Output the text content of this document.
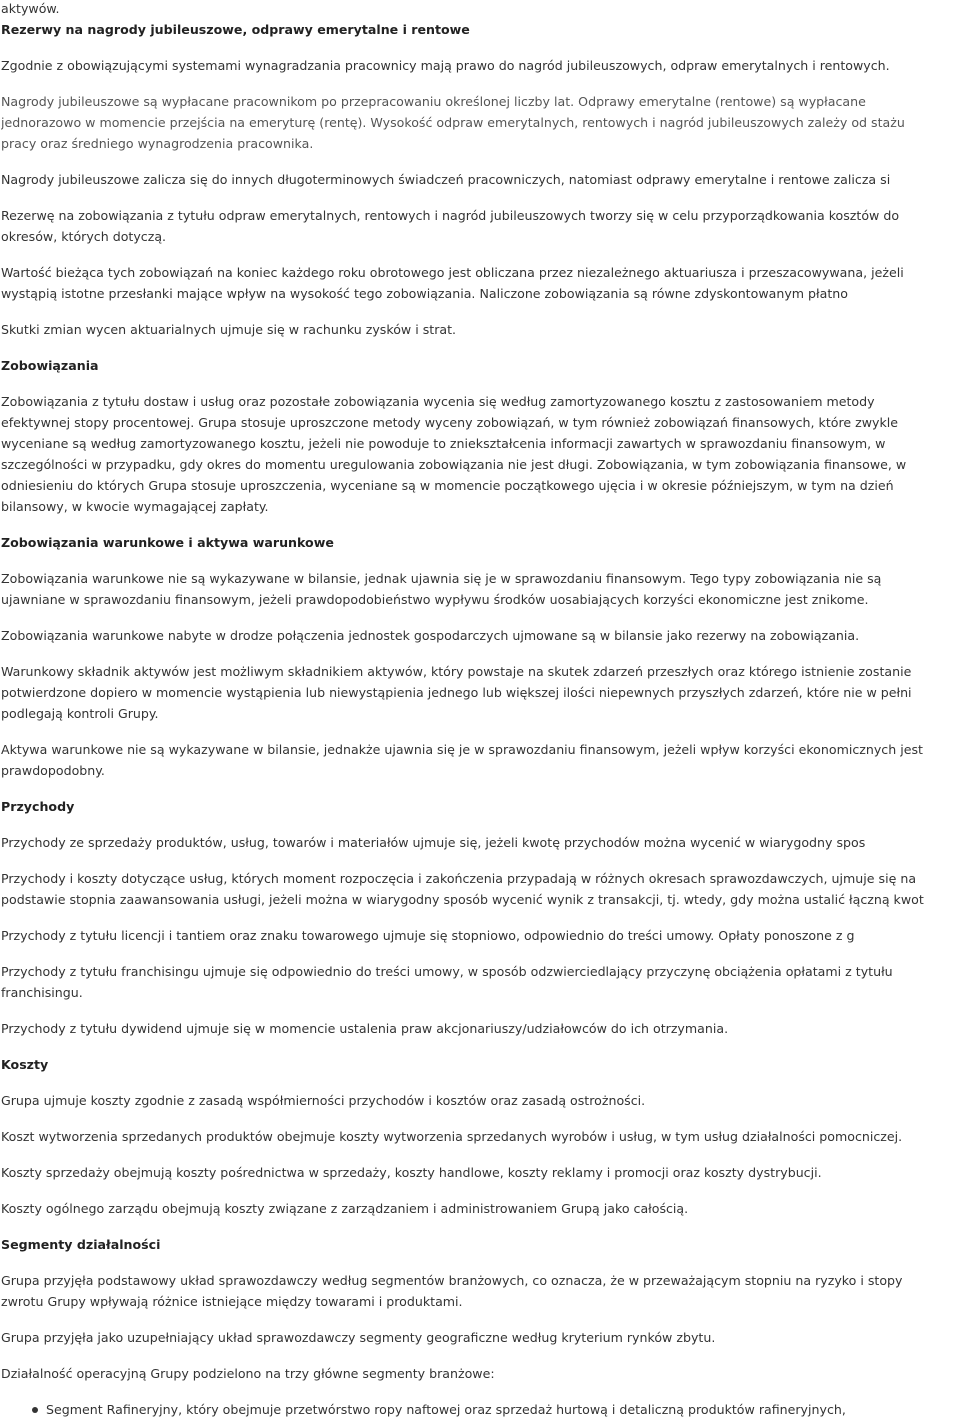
aktywów.

Rezerwy na nagrody jubileuszowe, odprawy emerytalne i rentowe

Zgodnie z obowiązującymi systemami wynagradzania pracownicy mają prawo do nagród jubileuszowych, odpraw emerytalnych i rentowych.

Nagrody jubileuszowe są wypłacane pracownikom po przepracowaniu określonej liczby lat. Odprawy emerytalne (rentowe) są wypłacane
jednorazowo w momencie przejścia na emeryturę (rentę). Wysokość odpraw emerytalnych, rentowych i nagród jubileuszowych zależy od stażu
pracy oraz średniego wynagrodzenia pracownika.

Nagrody jubileuszowe zalicza się do innych długoterminowych świadczeń pracowniczych, natomiast odprawy emerytalne i rentowe zalicza si

Rezerwę na zobowiązania z tytułu odpraw emerytalnych, rentowych i nagród jubileuszowych tworzy się w celu przyporządkowania kosztów do
okresów, których dotyczą.

Wartość bieżąca tych zobowiązań na koniec każdego roku obrotowego jest obliczana przez niezależnego aktuariusza i przeszacowywana, jeżeli
wystąpią istotne przesłanki mające wpływ na wysokość tego zobowiązania. Naliczone zobowiązania są równe zdyskontowanym płatno

Skutki zmian wycen aktuarialnych ujmuje się w rachunku zysków i strat.

Zobowiązania

Zobowiązania z tytułu dostaw i usług oraz pozostałe zobowiązania wycenia się według zamortyzowanego kosztu z zastosowaniem metody
efektywnej stopy procentowej. Grupa stosuje uproszczone metody wyceny zobowiązań, w tym również zobowiązań finansowych, które zwykle
wyceniane są według zamortyzowanego kosztu, jeżeli nie powoduje to zniekształcenia informacji zawartych w sprawozdaniu finansowym, w
szczególności w przypadku, gdy okres do momentu uregulowania zobowiązania nie jest długi. Zobowiązania, w tym zobowiązania finansowe, w
odniesieniu do których Grupa stosuje uproszczenia, wyceniane są w momencie początkowego ujęcia i w okresie późniejszym, w tym na dzień
bilansowy, w kwocie wymagającej zapłaty.

Zobowiązania warunkowe i aktywa warunkowe

Zobowiązania warunkowe nie są wykazywane w bilansie, jednak ujawnia się je w sprawozdaniu finansowym. Tego typy zobowiązania nie są
ujawniane w sprawozdaniu finansowym, jeżeli prawdopodobieństwo wypływu środków uosabiających korzyści ekonomiczne jest znikome.

Zobowiązania warunkowe nabyte w drodze połączenia jednostek gospodarczych ujmowane są w bilansie jako rezerwy na zobowiązania.

Warunkowy składnik aktywów jest możliwym składnikiem aktywów, który powstaje na skutek zdarzeń przeszłych oraz którego istnienie zostanie
potwierdzone dopiero w momencie wystąpienia lub niewystąpienia jednego lub większej ilości niepewnych przyszłych zdarzeń, które nie w pełni
podlegają kontroli Grupy.

Aktywa warunkowe nie są wykazywane w bilansie, jednakże ujawnia się je w sprawozdaniu finansowym, jeżeli wpływ korzyści ekonomicznych jest
prawdopodobny.

Przychody

Przychody ze sprzedaży produktów, usług, towarów i materiałów ujmuje się, jeżeli kwotę przychodów można wycenić w wiarygodny spos

Przychody i koszty dotyczące usług, których moment rozpoczęcia i zakończenia przypadają w różnych okresach sprawozdawczych, ujmuje się na
podstawie stopnia zaawansowania usługi, jeżeli można w wiarygodny sposób wycenić wynik z transakcji, tj. wtedy, gdy można ustalić łączną kwot

Przychody z tytułu licencji i tantiem oraz znaku towarowego ujmuje się stopniowo, odpowiednio do treści umowy. Opłaty ponoszone z g

Przychody z tytułu franchisingu ujmuje się odpowiednio do treści umowy, w sposób odzwierciedlający przyczynę obciążenia opłatami z tytułu
franchisingu.

Przychody z tytułu dywidend ujmuje się w momencie ustalenia praw akcjonariuszy/udziałowców do ich otrzymania.

Koszty

Grupa ujmuje koszty zgodnie z zasadą współmierności przychodów i kosztów oraz zasadą ostrożności.

Koszt wytworzenia sprzedanych produktów obejmuje koszty wytworzenia sprzedanych wyrobów i usług, w tym usług działalności pomocniczej.

Koszty sprzedaży obejmują koszty pośrednictwa w sprzedaży, koszty handlowe, koszty reklamy i promocji oraz koszty dystrybucji.

Koszty ogólnego zarządu obejmują koszty związane z zarządzaniem i administrowaniem Grupą jako całością.

Segmenty działalności

Grupa przyjęła podstawowy układ sprawozdawczy według segmentów branżowych, co oznacza, że w przeważającym stopniu na ryzyko i stopy
zwrotu Grupy wpływają różnice istniejące między towarami i produktami.

Grupa przyjęła jako uzupełniający układ sprawozdawczy segmenty geograficzne według kryterium rynków zbytu.

Działalność operacyjną Grupy podzielono na trzy główne segmenty branżowe:

Segment Rafineryjny, który obejmuje przetwórstwo ropy naftowej oraz sprzedaż hurtową i detaliczną produktów rafineryjnych,
